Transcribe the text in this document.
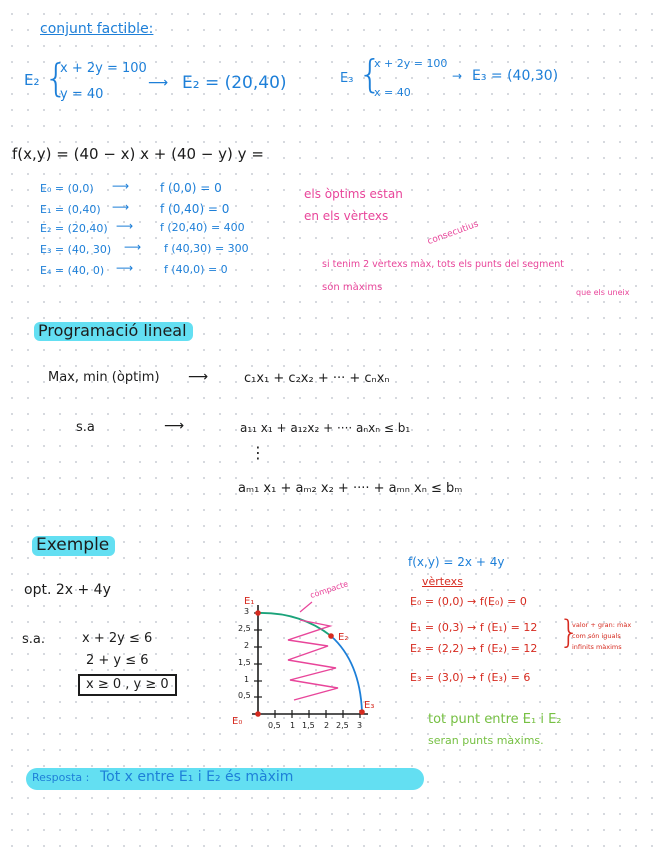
conjunt factible:
E₂ {
x + 2y = 100
y = 40
⟶ E₂ = (20,40)	E₃ {
x + 2y = 100
x = 40
→ E₃ = (40,30)
f(x,y) = (40 − x) x + (40 − y) y =
E₀ = (0,0) ⟶	f (0,0) = 0
E₁ = (0,40) ⟶	f (0,40) = 0
E₂ = (20,40) ⟶ f (20,40) = 400
E₃ = (40, 30) ⟶ f (40,30) = 300
E₄ = (40, 0) ⟶	f (40,0) = 0
els òptims estan
en els vèrtexs
consecutius
si tenim 2 vèrtexs màx, tots els punts del segment
són màxims	que els uneix
Programació lineal
Max, min (òptim) ⟶	c₁x₁ + c₂x₂ + ··· + cₙxₙ
s.a	⟶	a₁₁ x₁ + a₁₂x₂ + ···· aₙxₙ ≤ b₁
⋮
aₘ₁ x₁ + aₘ₂ x₂ + ···· + aₘₙ xₙ ≤ bₘ
Exemple
opt. 2x + 4y
s.a.	x + 2y ≤ 6
2 + y ≤ 6
x ≥ 0 , y ≥ 0
3
2,5
2
1,5
1
0,5
0,5 1 1,5 2 2,5 3
E₀
E₁
E₂
E₃
compacte
f(x,y) = 2x + 4y
vèrtexs
E₀ = (0,0) → f(E₀) = 0
E₁ = (0,3) → f (E₁) = 12
E₂ = (2,2) → f (E₂) = 12
E₃ = (3,0) → f (E₃) = 6
}
valor + gran: màx
com són iguals
infinits màxims
tot punt entre E₁ i E₂
seran punts màxims.
Resposta : Tot x entre E₁ i E₂ és màxim
